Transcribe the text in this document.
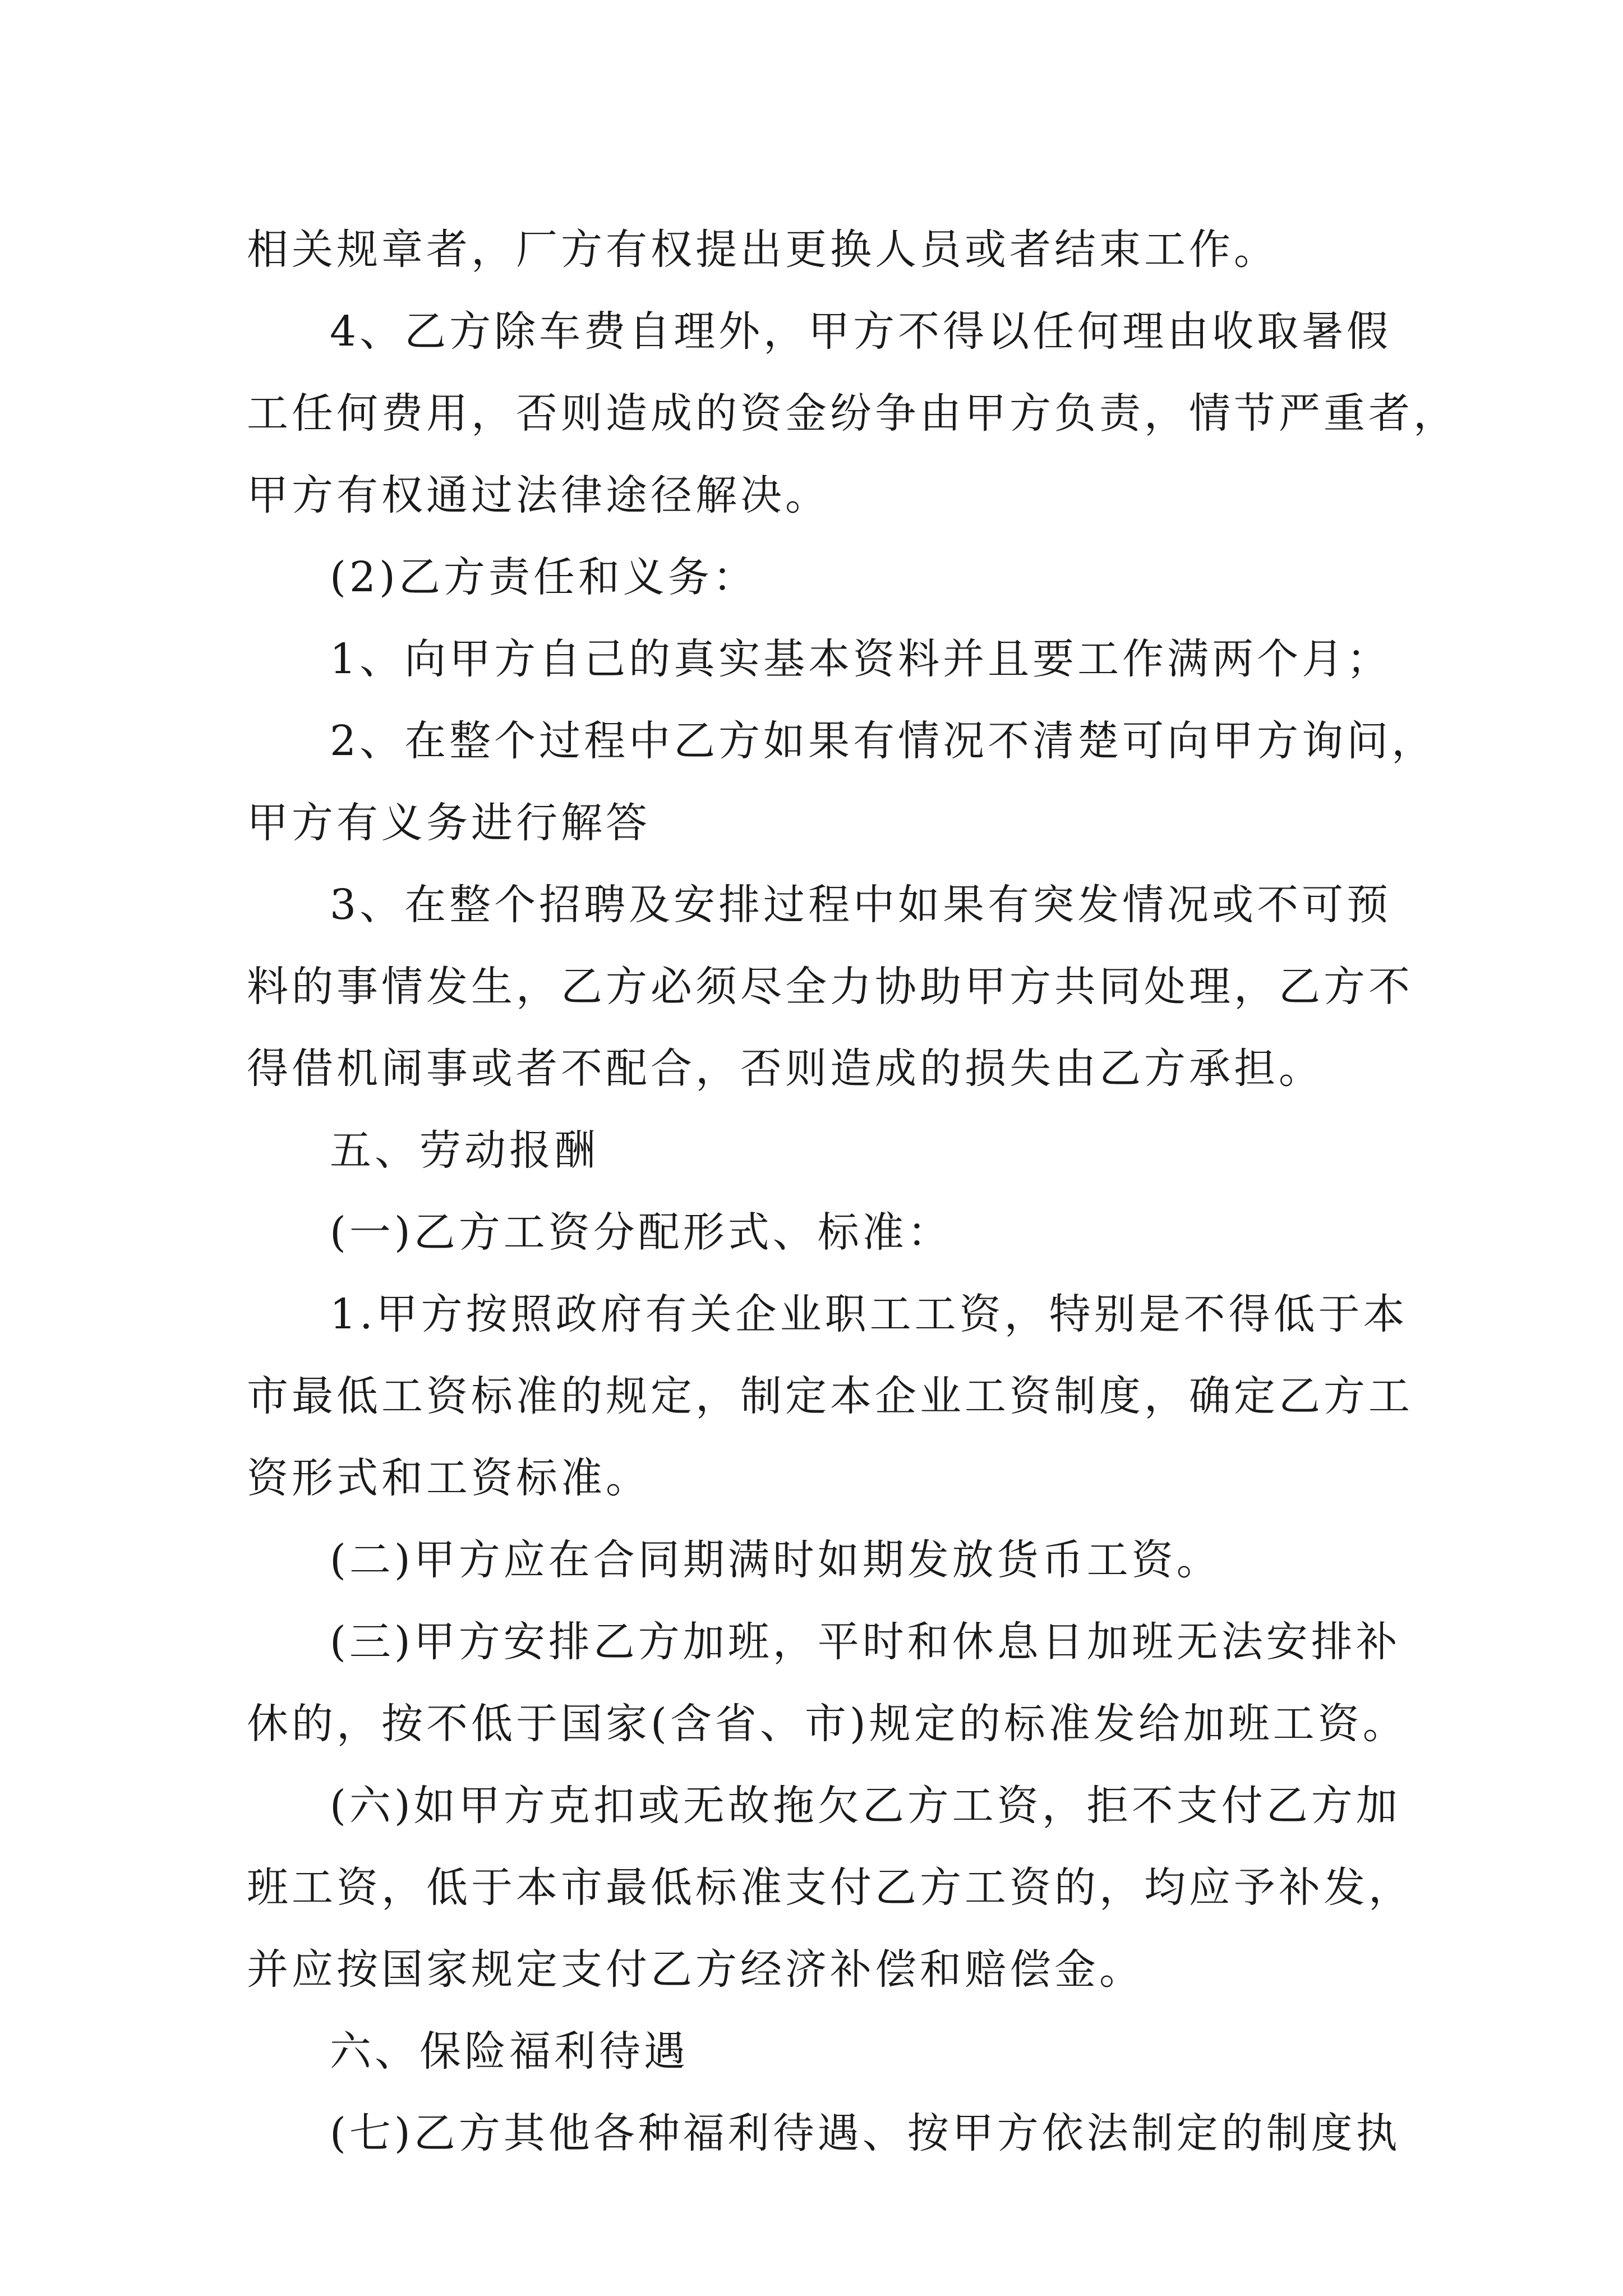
相关规章者，厂方有权提出更换人员或者结束工作。
4、乙方除车费自理外，甲方不得以任何理由收取暑假
工任何费用，否则造成的资金纷争由甲方负责，情节严重者，
甲方有权通过法律途径解决。
(2)乙方责任和义务：
1、向甲方自己的真实基本资料并且要工作满两个月；
2、在整个过程中乙方如果有情况不清楚可向甲方询问，
甲方有义务进行解答
3、在整个招聘及安排过程中如果有突发情况或不可预
料的事情发生，乙方必须尽全力协助甲方共同处理，乙方不
得借机闹事或者不配合，否则造成的损失由乙方承担。
五、劳动报酬
(一)乙方工资分配形式、标准：
1.甲方按照政府有关企业职工工资，特别是不得低于本
市最低工资标准的规定，制定本企业工资制度，确定乙方工
资形式和工资标准。
(二)甲方应在合同期满时如期发放货币工资。
(三)甲方安排乙方加班，平时和休息日加班无法安排补
休的，按不低于国家(含省、市)规定的标准发给加班工资。
(六)如甲方克扣或无故拖欠乙方工资，拒不支付乙方加
班工资，低于本市最低标准支付乙方工资的，均应予补发，
并应按国家规定支付乙方经济补偿和赔偿金。
六、保险福利待遇
(七)乙方其他各种福利待遇、按甲方依法制定的制度执
